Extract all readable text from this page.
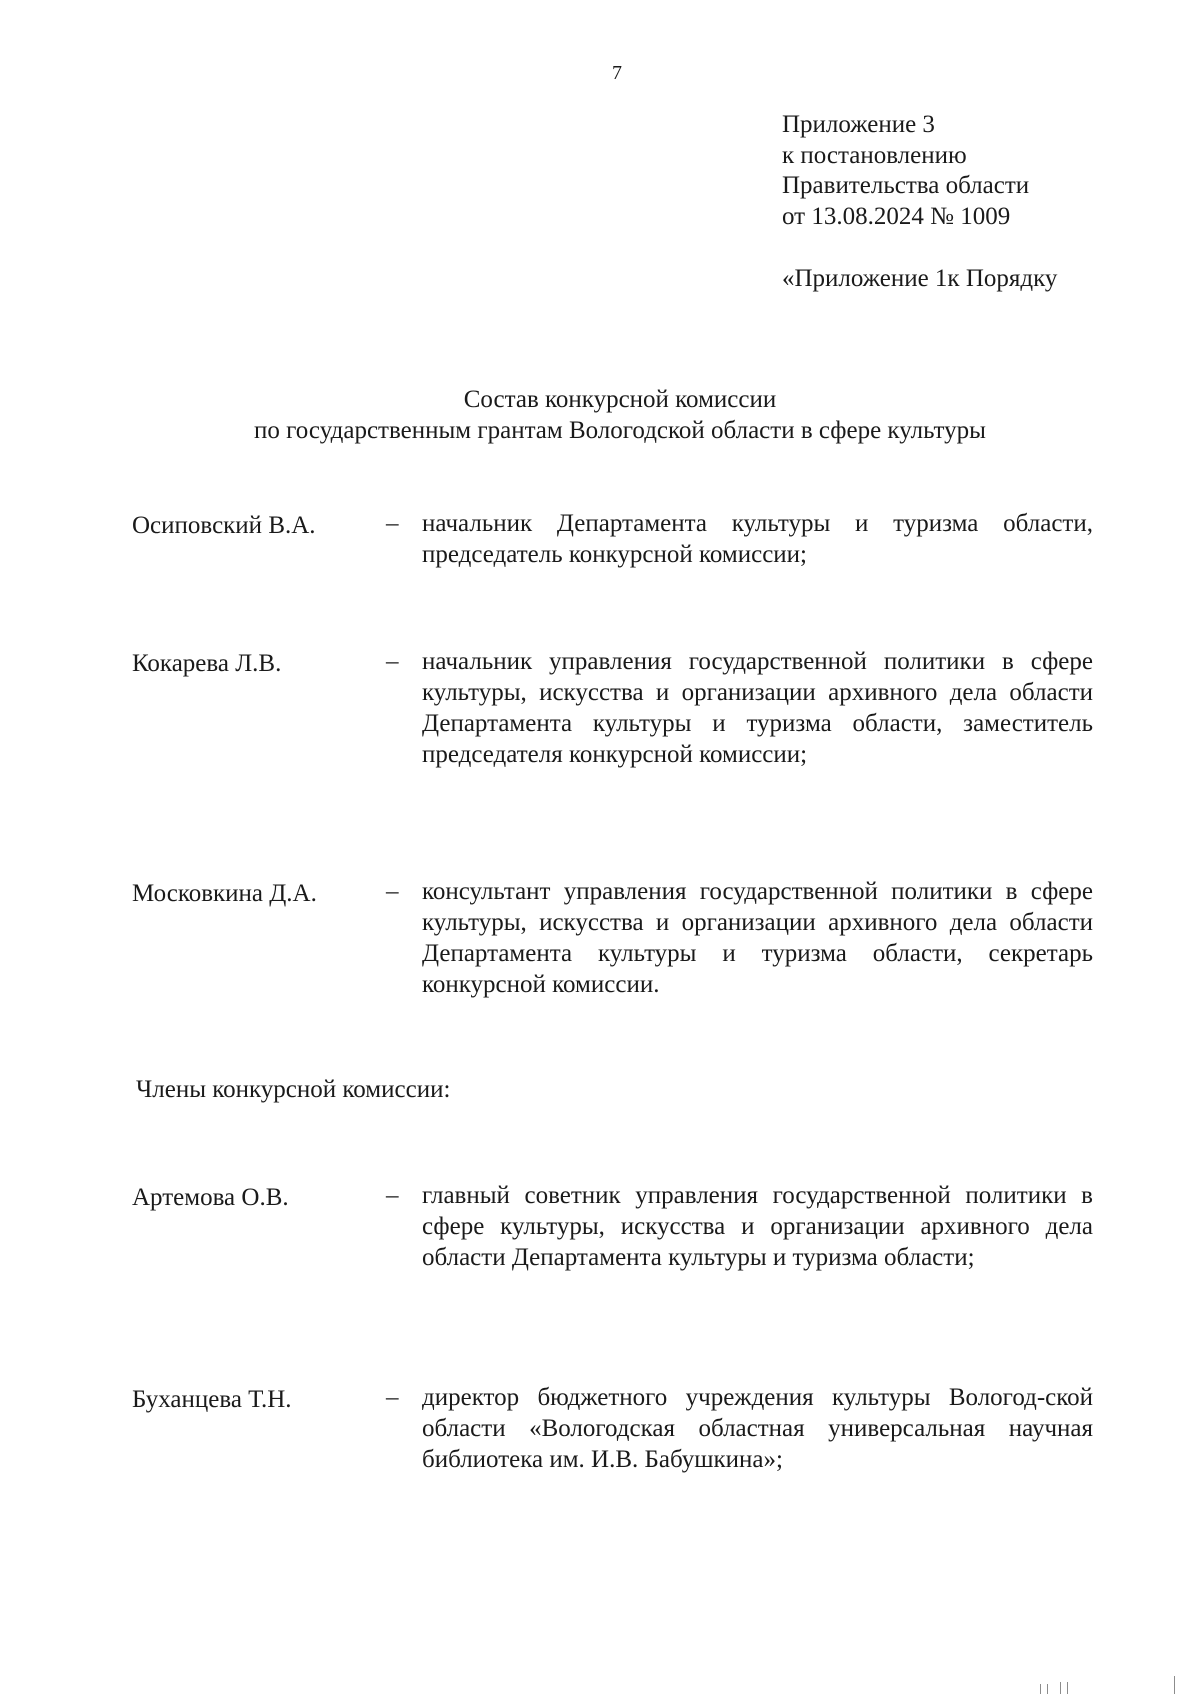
7
Приложение 3
к постановлению
Правительства области
от 13.08.2024 № 1009
«Приложение 1к Порядку
Состав конкурсной комиссии
по государственным грантам Вологодской области в сфере культуры
Осиповский В.А.	– начальник Департамента культуры и туризма области, председатель конкурсной комиссии;
Кокарева Л.В.	– начальник управления государственной политики в сфере культуры, искусства и организации архивного дела области Департамента культуры и туризма области, заместитель председателя конкурсной комиссии;
Московкина Д.А.	– консультант управления государственной политики в сфере культуры, искусства и организации архивного дела области Департамента культуры и туризма области, секретарь конкурсной комиссии.
Члены конкурсной комиссии:
Артемова О.В.	– главный советник управления государственной политики в сфере культуры, искусства и организации архивного дела области Департамента культуры и туризма области;
Буханцева Т.Н.	– директор бюджетного учреждения культуры Вологод-ской области «Вологодская областная универсальная научная библиотека им. И.В. Бабушкина»;
